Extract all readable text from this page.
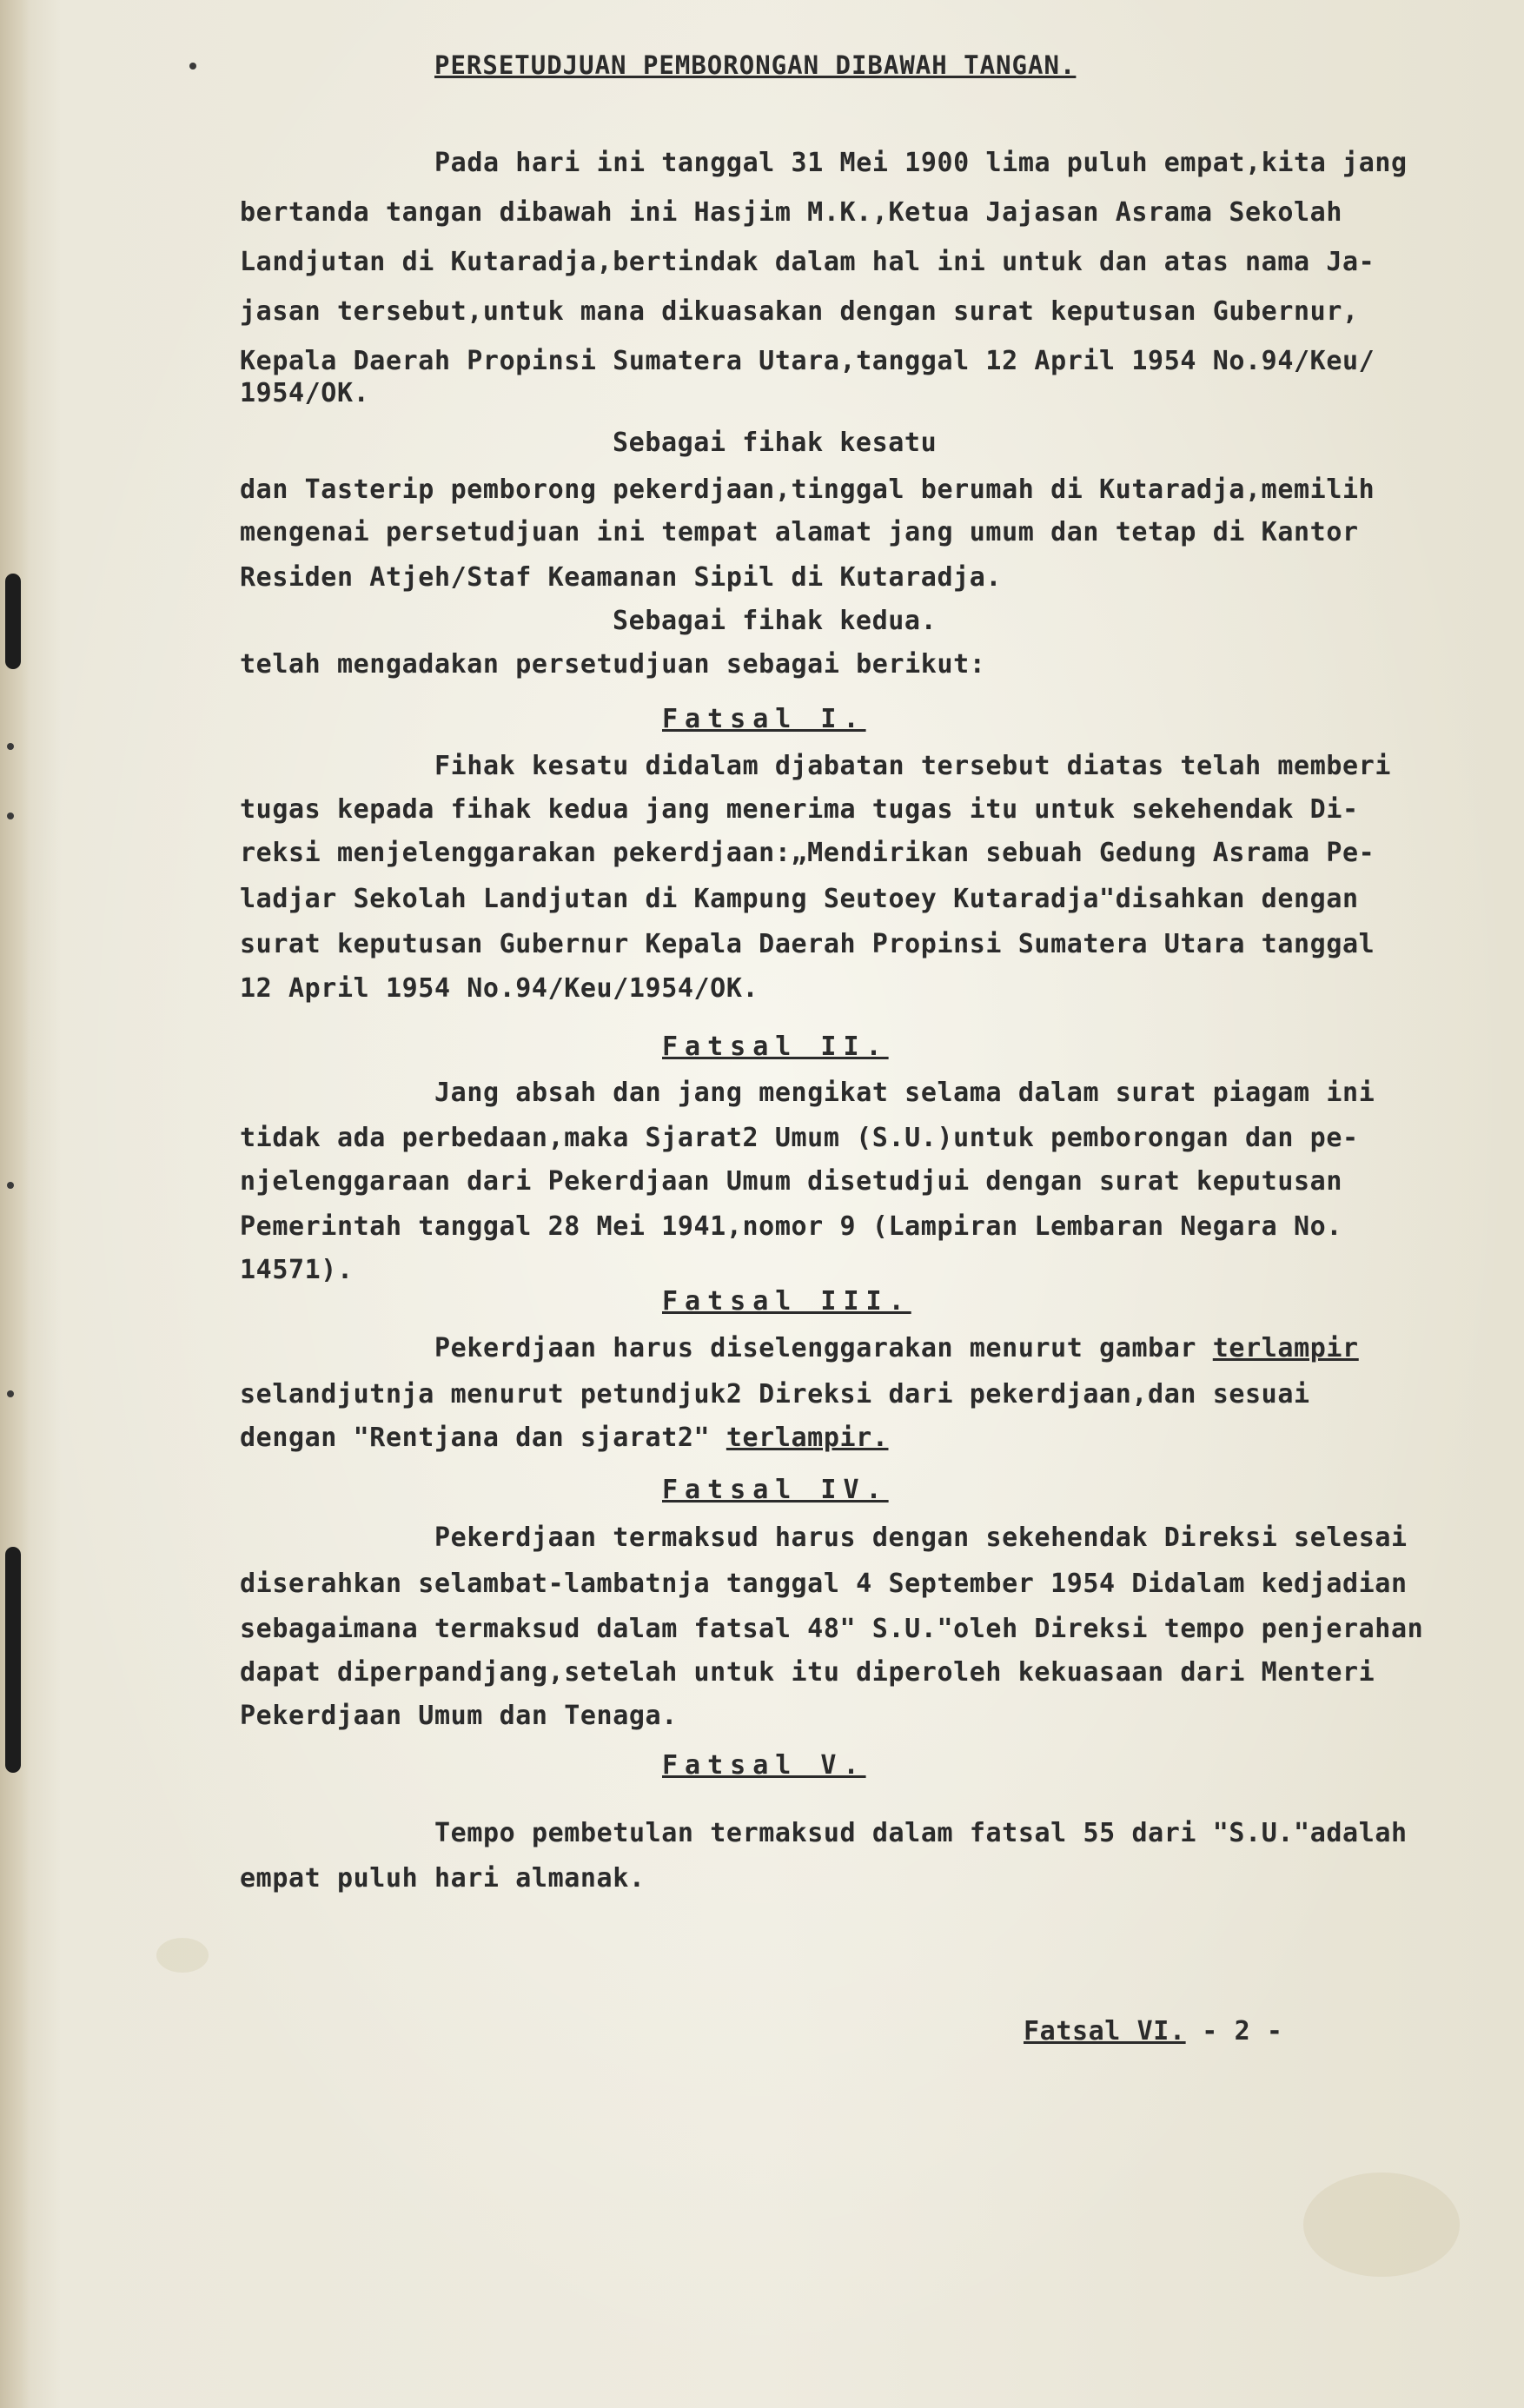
PERSETUDJUAN PEMBORONGAN DIBAWAH TANGAN.
Pada hari ini tanggal 31 Mei 1900 lima puluh empat,kita jang
bertanda tangan dibawah ini Hasjim M.K.,Ketua Jajasan Asrama Sekolah
Landjutan di Kutaradja,bertindak dalam hal ini untuk dan atas nama Ja-
jasan tersebut,untuk mana dikuasakan dengan surat keputusan Gubernur,
Kepala Daerah Propinsi Sumatera Utara,tanggal 12 April 1954 No.94/Keu/
1954/OK.
Sebagai fihak kesatu
dan Tasterip pemborong pekerdjaan,tinggal berumah di Kutaradja,memilih
mengenai persetudjuan ini tempat alamat jang umum dan tetap di Kantor
Residen Atjeh/Staf Keamanan Sipil di Kutaradja.
Sebagai fihak kedua.
telah mengadakan persetudjuan sebagai berikut:
Fatsal I.
Fihak kesatu didalam djabatan tersebut diatas telah memberi
tugas kepada fihak kedua jang menerima tugas itu untuk sekehendak Di-
reksi menjelenggarakan pekerdjaan:„Mendirikan sebuah Gedung Asrama Pe-
ladjar Sekolah Landjutan di Kampung Seutoey Kutaradja"disahkan dengan
surat keputusan Gubernur Kepala Daerah Propinsi Sumatera Utara tanggal
12 April 1954 No.94/Keu/1954/OK.
Fatsal II.
Jang absah dan jang mengikat selama dalam surat piagam ini
tidak ada perbedaan,maka Sjarat2 Umum (S.U.)untuk pemborongan dan pe-
njelenggaraan dari Pekerdjaan Umum disetudjui dengan surat keputusan
Pemerintah tanggal 28 Mei 1941,nomor 9 (Lampiran Lembaran Negara No.
14571).
Fatsal III.
Pekerdjaan harus diselenggarakan menurut gambar terlampir
selandjutnja menurut petundjuk2 Direksi dari pekerdjaan,dan sesuai
dengan "Rentjana dan sjarat2" terlampir.
Fatsal IV.
Pekerdjaan termaksud harus dengan sekehendak Direksi selesai
diserahkan selambat-lambatnja tanggal 4 September 1954 Didalam kedjadian
sebagaimana termaksud dalam fatsal 48" S.U."oleh Direksi tempo penjerahan
dapat diperpandjang,setelah untuk itu diperoleh kekuasaan dari Menteri
Pekerdjaan Umum dan Tenaga.
Fatsal V.
Tempo pembetulan termaksud dalam fatsal 55 dari "S.U."adalah
empat puluh hari almanak.
Fatsal VI. - 2 -
